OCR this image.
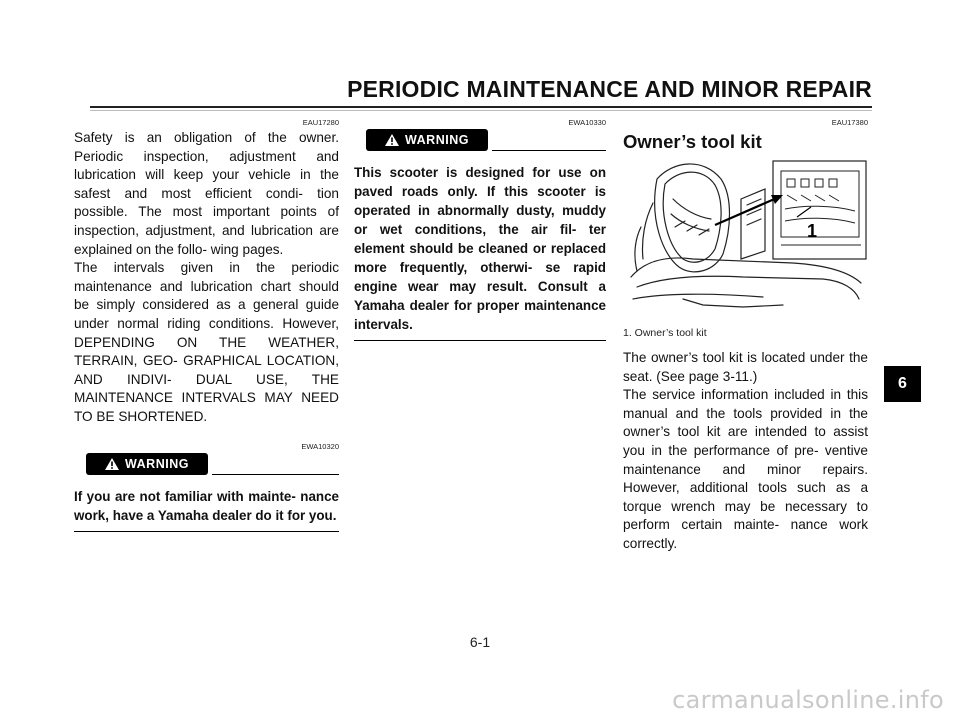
PERIODIC MAINTENANCE AND MINOR REPAIR
EAU17280

Safety is an obligation of the owner. Periodic inspection, adjustment and lubrication will keep your vehicle in the safest and most efficient condi- tion possible. The most important points of inspection, adjustment, and lubrication are explained on the follo- wing pages.

The intervals given in the periodic maintenance and lubrication chart should be simply considered as a general guide under normal riding conditions. However, DEPENDING ON THE WEATHER, TERRAIN, GEO- GRAPHICAL LOCATION, AND INDIVI- DUAL USE, THE MAINTENANCE INTERVALS MAY NEED TO BE SHORTENED.

EWA10320
WARNING
If you are not familiar with mainte- nance work, have a Yamaha dealer do it for you.
EWA10330
WARNING
This scooter is designed for use on paved roads only. If this scooter is operated in abnormally dusty, muddy or wet conditions, the air fil- ter element should be cleaned or replaced more frequently, otherwi- se rapid engine wear may result. Consult a Yamaha dealer for proper maintenance intervals.
EAU17380
Owner’s tool kit
1
1. Owner’s tool kit

The owner’s tool kit is located under the seat. (See page 3-11.)

The service information included in this manual and the tools provided in the owner’s tool kit are intended to assist you in the performance of pre- ventive maintenance and minor repairs. However, additional tools such as a torque wrench may be necessary to perform certain mainte- nance work correctly.

6
6-1
carmanualsonline.info
